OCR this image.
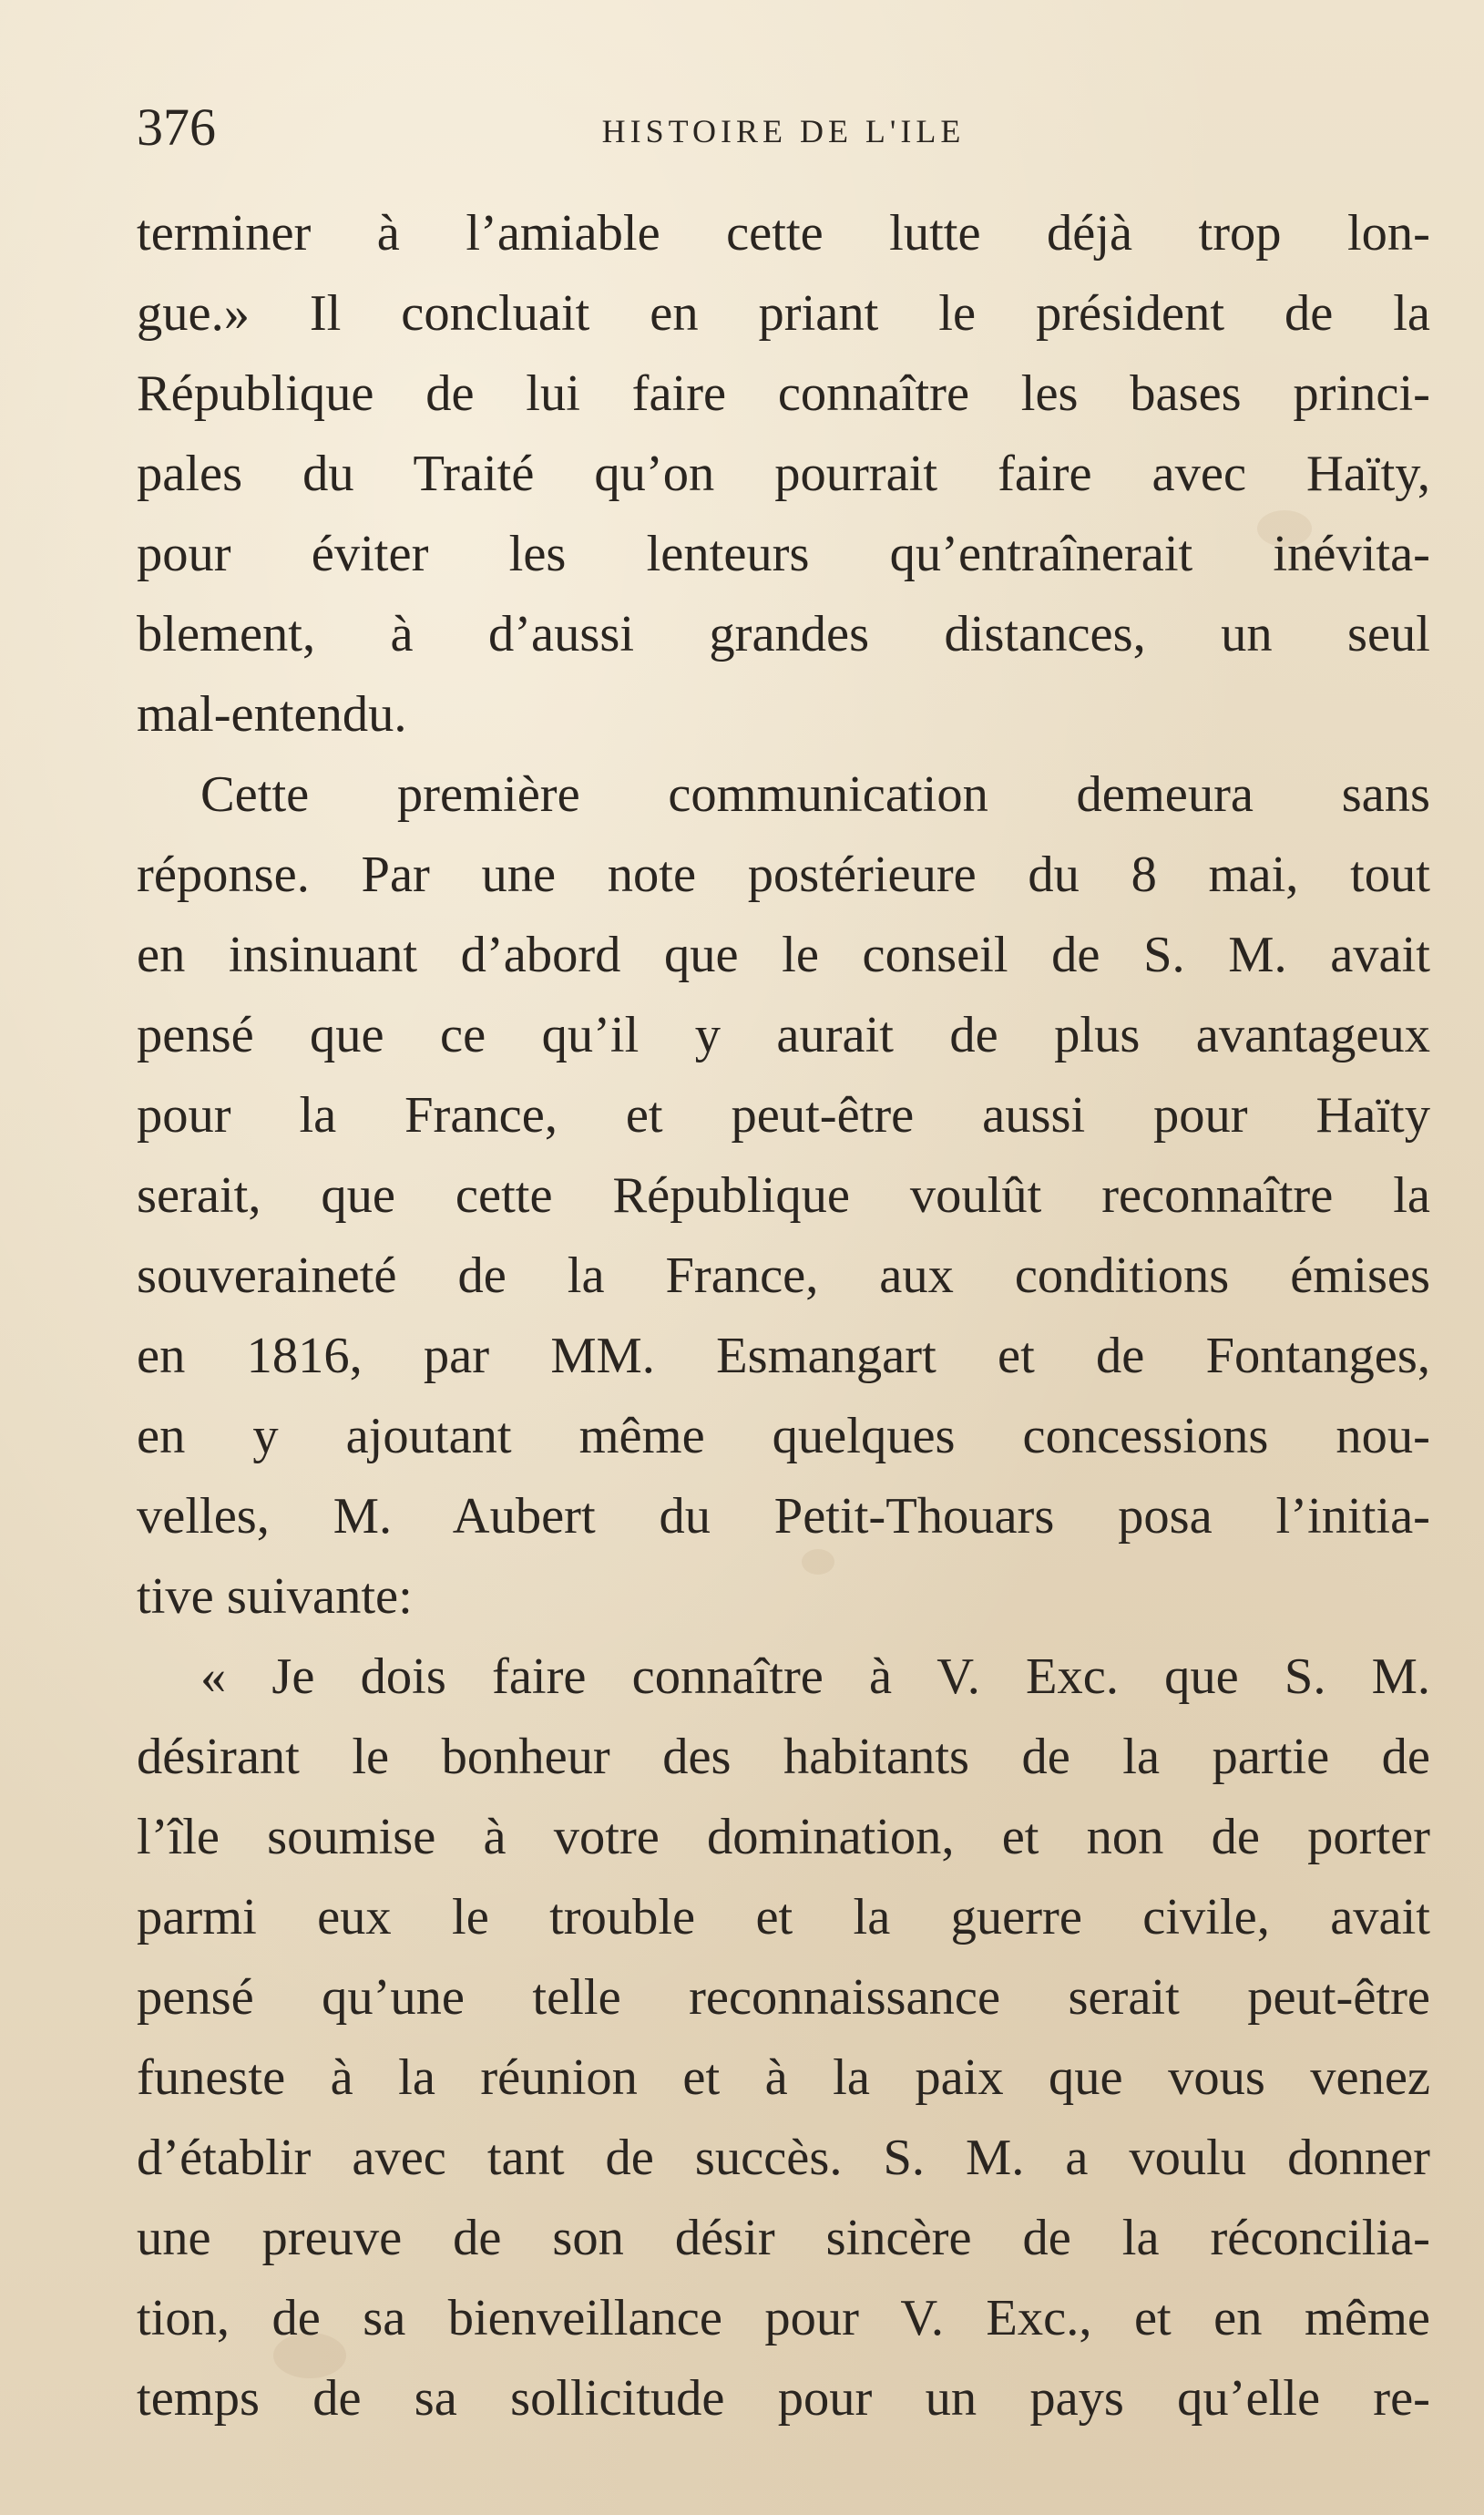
376	HISTOIRE DE L'ILE
terminer à l’amiable cette lutte déjà trop lon-
gue.» Il concluait en priant le président de la
République de lui faire connaître les bases princi-
pales du Traité qu’on pourrait faire avec Haïty,
pour éviter les lenteurs qu’entraînerait inévita-
blement, à d’aussi grandes distances, un seul
mal-entendu.
Cette première communication demeura sans
réponse. Par une note postérieure du 8 mai, tout
en insinuant d’abord que le conseil de S. M. avait
pensé que ce qu’il y aurait de plus avantageux
pour la France, et peut-être aussi pour Haïty
serait, que cette République voulût reconnaître la
souveraineté de la France, aux conditions émises
en 1816, par MM. Esmangart et de Fontanges,
en y ajoutant même quelques concessions nou-
velles, M. Aubert du Petit-Thouars posa l’initia-
tive suivante:
« Je dois faire connaître à V. Exc. que S. M.
désirant le bonheur des habitants de la partie de
l’île soumise à votre domination, et non de porter
parmi eux le trouble et la guerre civile, avait
pensé qu’une telle reconnaissance serait peut-être
funeste à la réunion et à la paix que vous venez
d’établir avec tant de succès. S. M. a voulu donner
une preuve de son désir sincère de la réconcilia-
tion, de sa bienveillance pour V. Exc., et en même
temps de sa sollicitude pour un pays qu’elle re-
